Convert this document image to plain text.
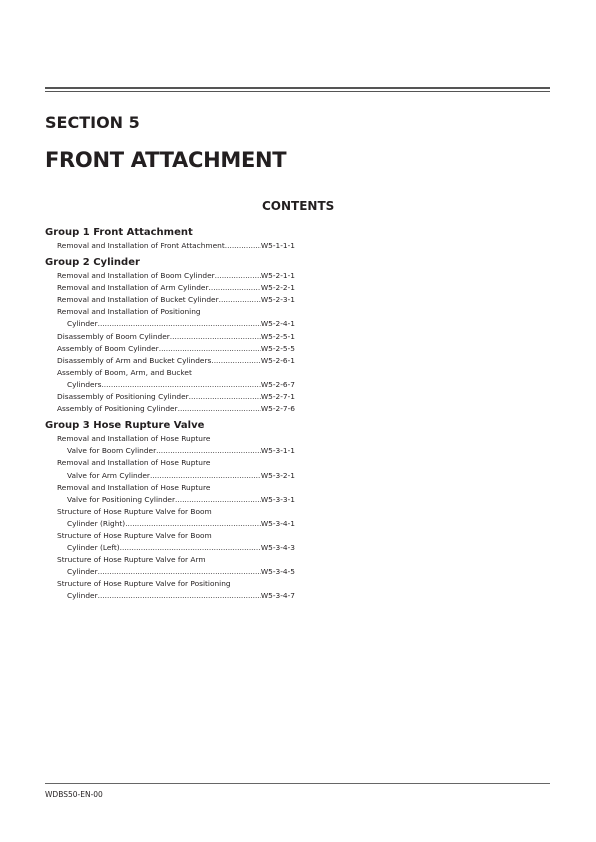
SECTION 5
FRONT ATTACHMENT
CONTENTS
Group 1 Front Attachment
Removal and Installation of Front Attachment .....	W5-1-1-1
Group 2 Cylinder
Removal and Installation of Boom Cylinder .....	W5-2-1-1
Removal and Installation of Arm Cylinder .....	W5-2-2-1
Removal and Installation of Bucket Cylinder .....	W5-2-3-1
Removal and Installation of Positioning
Cylinder .....	W5-2-4-1
Disassembly of Boom Cylinder .....	W5-2-5-1
Assembly of Boom Cylinder .....	W5-2-5-5
Disassembly of Arm and Bucket Cylinders .....	W5-2-6-1
Assembly of Boom, Arm, and Bucket
Cylinders .....	W5-2-6-7
Disassembly of Positioning Cylinder .....	W5-2-7-1
Assembly of Positioning Cylinder .....	W5-2-7-6
Group 3 Hose Rupture Valve
Removal and Installation of Hose Rupture
Valve for Boom Cylinder .....	W5-3-1-1
Removal and Installation of Hose Rupture
Valve for Arm Cylinder .....	W5-3-2-1
Removal and Installation of Hose Rupture
Valve for Positioning Cylinder .....	W5-3-3-1
Structure of Hose Rupture Valve for Boom
Cylinder (Right) .....	W5-3-4-1
Structure of Hose Rupture Valve for Boom
Cylinder (Left) .....	W5-3-4-3
Structure of Hose Rupture Valve for Arm
Cylinder .....	W5-3-4-5
Structure of Hose Rupture Valve for Positioning
Cylinder .....	W5-3-4-7
WDBS50-EN-00
